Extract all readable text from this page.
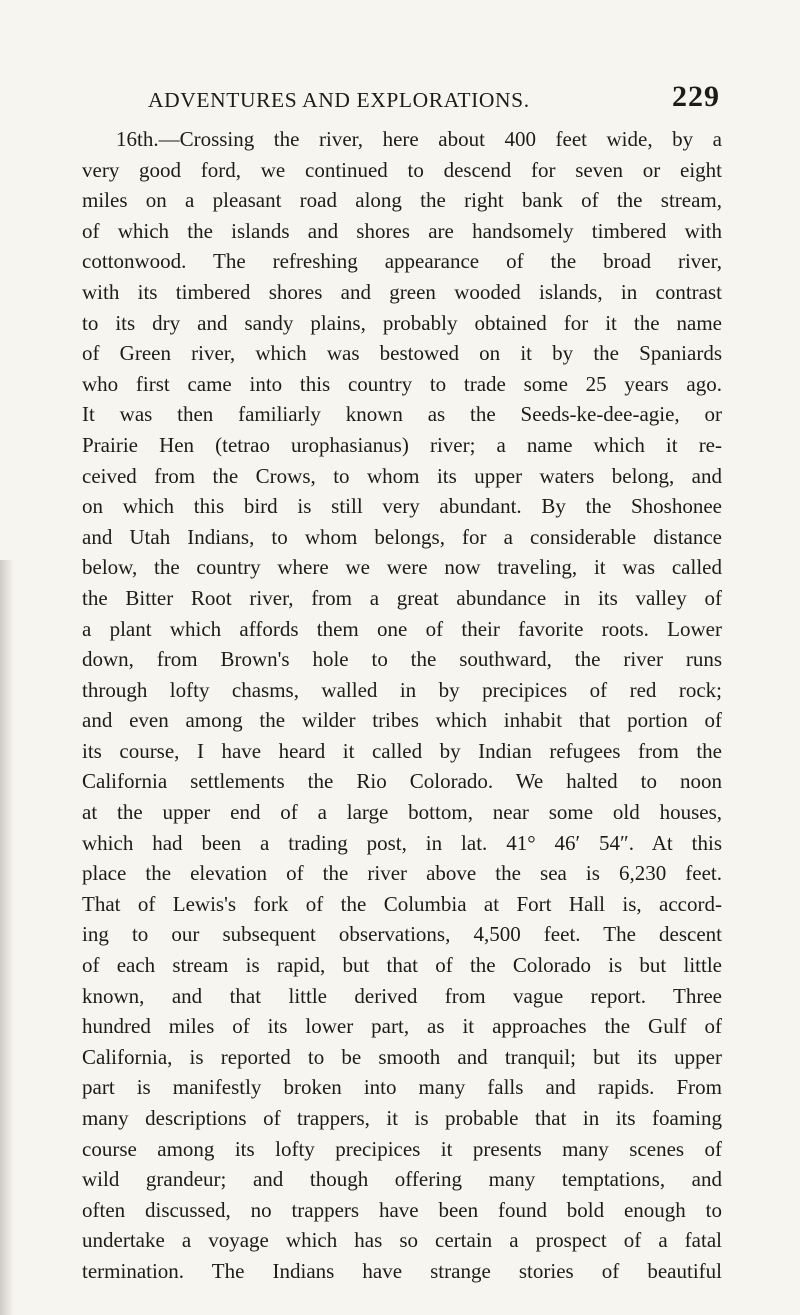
ADVENTURES AND EXPLORATIONS.	229
16th.—Crossing the river, here about 400 feet wide, by a
very good ford, we continued to descend for seven or eight
miles on a pleasant road along the right bank of the stream,
of which the islands and shores are handsomely timbered with
cottonwood. The refreshing appearance of the broad river,
with its timbered shores and green wooded islands, in contrast
to its dry and sandy plains, probably obtained for it the name
of Green river, which was bestowed on it by the Spaniards
who first came into this country to trade some 25 years ago.
It was then familiarly known as the Seeds-ke-dee-agie, or
Prairie Hen (tetrao urophasianus) river; a name which it re-
ceived from the Crows, to whom its upper waters belong, and
on which this bird is still very abundant. By the Shoshonee
and Utah Indians, to whom belongs, for a considerable distance
below, the country where we were now traveling, it was called
the Bitter Root river, from a great abundance in its valley of
a plant which affords them one of their favorite roots. Lower
down, from Brown's hole to the southward, the river runs
through lofty chasms, walled in by precipices of red rock;
and even among the wilder tribes which inhabit that portion of
its course, I have heard it called by Indian refugees from the
California settlements the Rio Colorado. We halted to noon
at the upper end of a large bottom, near some old houses,
which had been a trading post, in lat. 41° 46′ 54″. At this
place the elevation of the river above the sea is 6,230 feet.
That of Lewis's fork of the Columbia at Fort Hall is, accord-
ing to our subsequent observations, 4,500 feet. The descent
of each stream is rapid, but that of the Colorado is but little
known, and that little derived from vague report. Three
hundred miles of its lower part, as it approaches the Gulf of
California, is reported to be smooth and tranquil; but its upper
part is manifestly broken into many falls and rapids. From
many descriptions of trappers, it is probable that in its foaming
course among its lofty precipices it presents many scenes of
wild grandeur; and though offering many temptations, and
often discussed, no trappers have been found bold enough to
undertake a voyage which has so certain a prospect of a fatal
termination. The Indians have strange stories of beautiful
